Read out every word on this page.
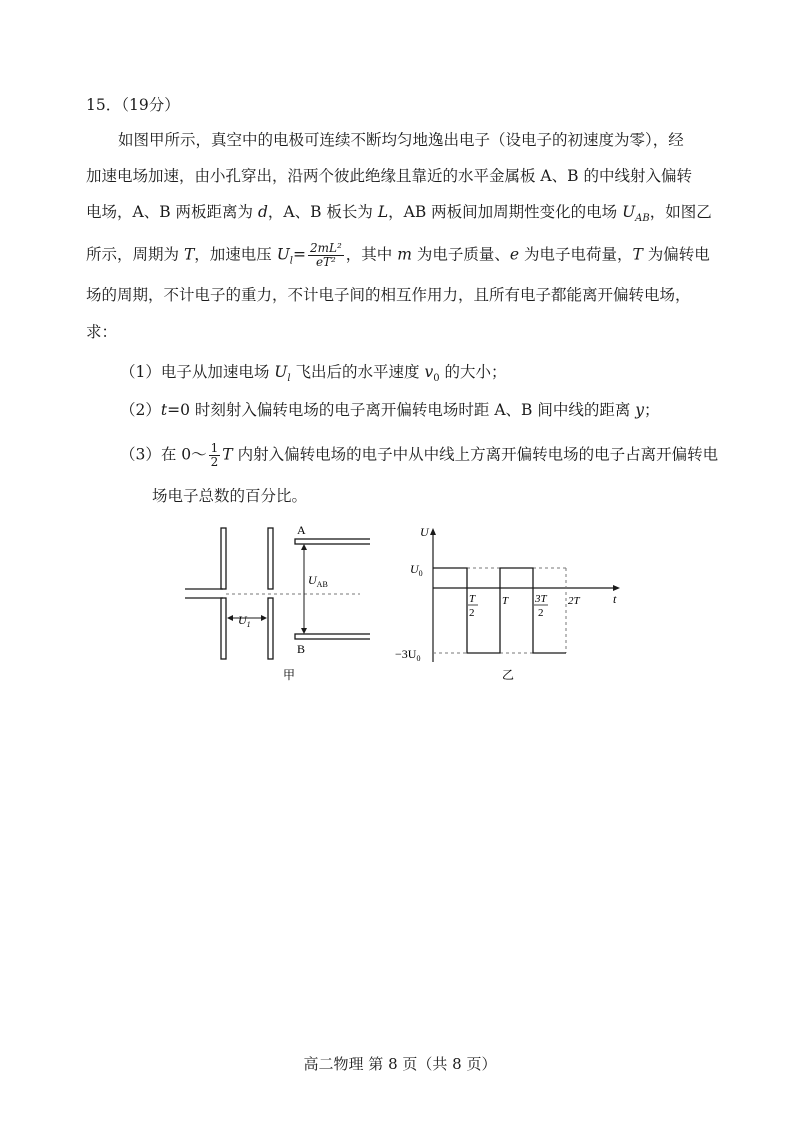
15．（19分）
如图甲所示，真空中的电极可连续不断均匀地逸出电子（设电子的初速度为零），经
加速电场加速，由小孔穿出，沿两个彼此绝缘且靠近的水平金属板 A、B 的中线射入偏转
电场，A、B 两板距离为 d，A、B 板长为 L，AB 两板间加周期性变化的电场 $U_{AB}$，如图乙
所示，周期为 T，加速电压 $U_l= \frac{\text{2mL²}}{\text{eT²}}$ ，其中 m 为电子质量、e 为电子电荷量，T 为偏转电
场的周期，不计电子的重力，不计电子间的相互作用力，且所有电子都能离开偏转电场，
求：
（1）电子从加速电场 $U_l$ 飞出后的水平速度 $v_0$ 的大小；
（2）t=0 时刻射入偏转电场的电子离开偏转电场时距 A、B 间中线的距离 y；
（3）在 0～ $\frac{1}{2}$ T 内射入偏转电场的电子中从中线上方离开偏转电场的电子占离开偏转电
场电子总数的百分比。
$U_1$
A
B
$U_{AB}$
甲
U
t
$U_0$
$-3U_0$
T
2
T 3T
2
2T
乙
高二物理 第 8 页（共 8 页）
